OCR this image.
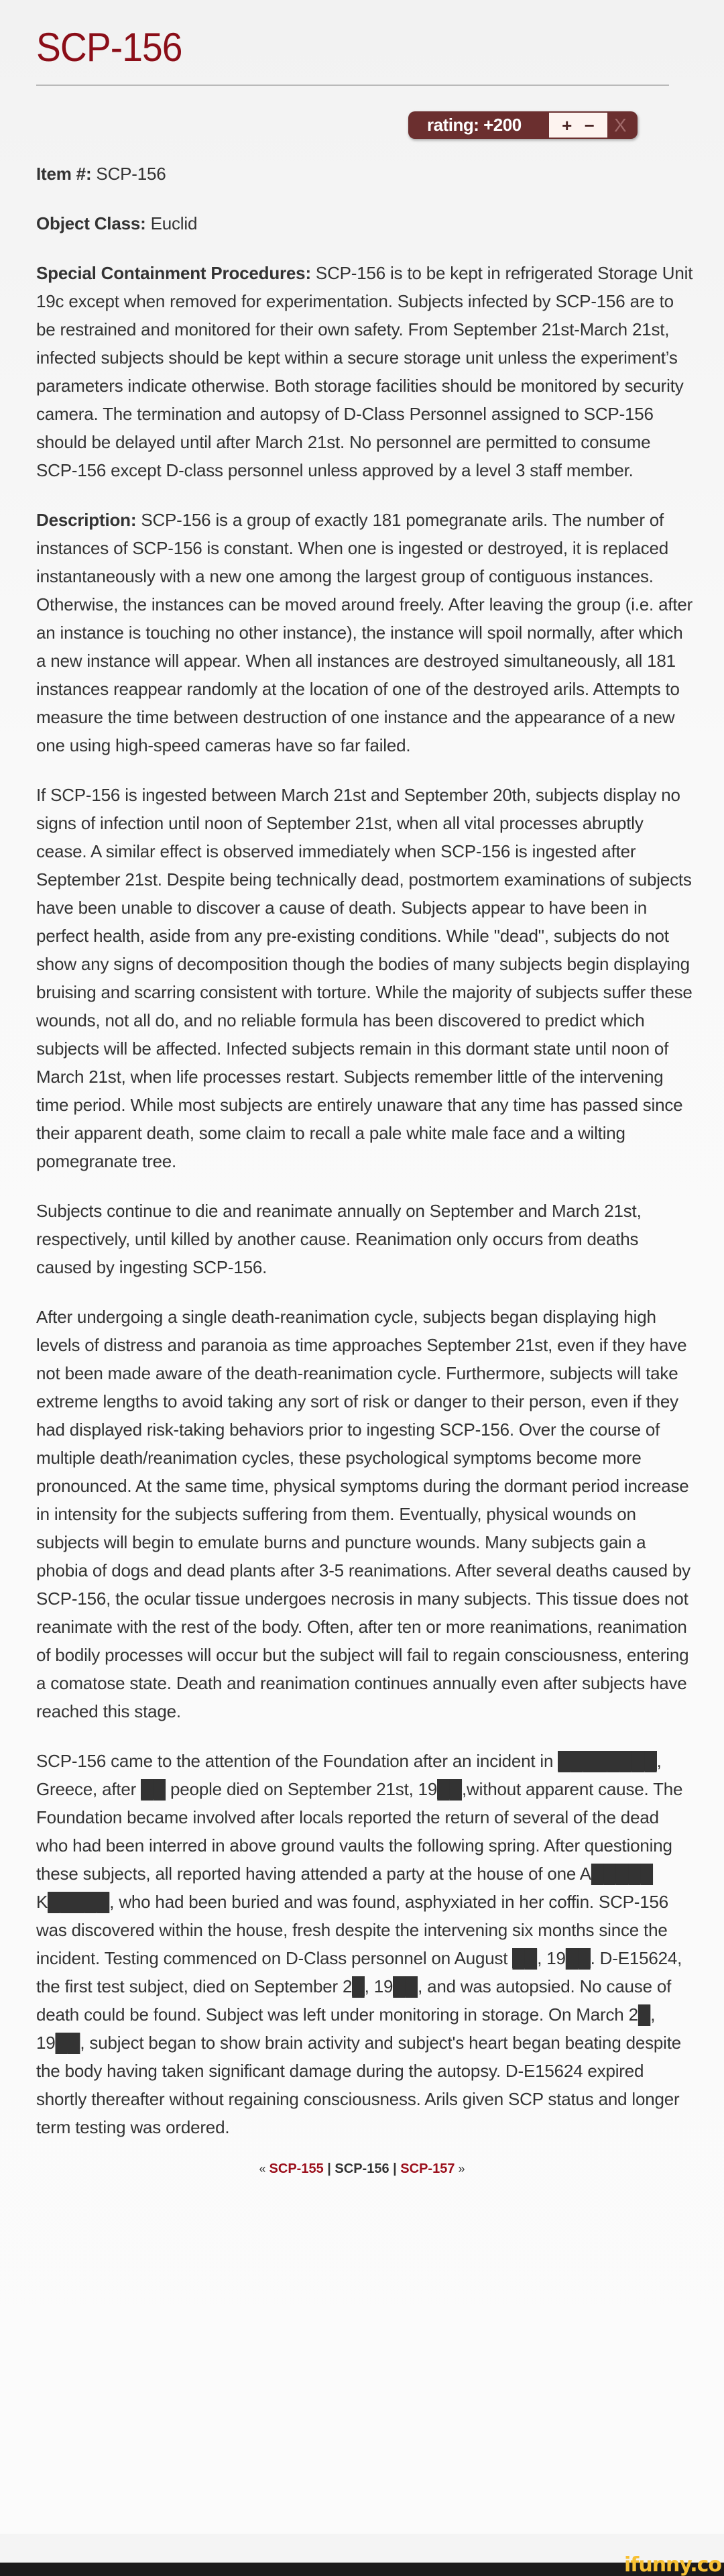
SCP-156
rating: +200	+ −	X

Item #: SCP-156

Object Class: Euclid

Special Containment Procedures: SCP-156 is to be kept in refrigerated Storage Unit 19c except when removed for experimentation. Subjects infected by SCP-156 are to be restrained and monitored for their own safety. From September 21st-March 21st, infected subjects should be kept within a secure storage unit unless the experiment’s parameters indicate otherwise. Both storage facilities should be monitored by security camera. The termination and autopsy of D-Class Personnel assigned to SCP-156 should be delayed until after March 21st. No personnel are permitted to consume SCP-156 except D-class personnel unless approved by a level 3 staff member.

Description: SCP-156 is a group of exactly 181 pomegranate arils. The number of instances of SCP-156 is constant. When one is ingested or destroyed, it is replaced instantaneously with a new one among the largest group of contiguous instances. Otherwise, the instances can be moved around freely. After leaving the group (i.e. after an instance is touching no other instance), the instance will spoil normally, after which a new instance will appear. When all instances are destroyed simultaneously, all 181 instances reappear randomly at the location of one of the destroyed arils. Attempts to measure the time between destruction of one instance and the appearance of a new one using high-speed cameras have so far failed.

If SCP-156 is ingested between March 21st and September 20th, subjects display no signs of infection until noon of September 21st, when all vital processes abruptly cease. A similar effect is observed immediately when SCP-156 is ingested after September 21st. Despite being technically dead, postmortem examinations of subjects have been unable to discover a cause of death. Subjects appear to have been in perfect health, aside from any pre-existing conditions. While "dead", subjects do not show any signs of decomposition though the bodies of many subjects begin displaying bruising and scarring consistent with torture. While the majority of subjects suffer these wounds, not all do, and no reliable formula has been discovered to predict which subjects will be affected. Infected subjects remain in this dormant state until noon of March 21st, when life processes restart. Subjects remember little of the intervening time period. While most subjects are entirely unaware that any time has passed since their apparent death, some claim to recall a pale white male face and a wilting pomegranate tree.

Subjects continue to die and reanimate annually on September and March 21st, respectively, until killed by another cause. Reanimation only occurs from deaths caused by ingesting SCP-156.

After undergoing a single death-reanimation cycle, subjects began displaying high levels of distress and paranoia as time approaches September 21st, even if they have not been made aware of the death-reanimation cycle. Furthermore, subjects will take extreme lengths to avoid taking any sort of risk or danger to their person, even if they had displayed risk-taking behaviors prior to ingesting SCP-156. Over the course of multiple death/reanimation cycles, these psychological symptoms become more pronounced. At the same time, physical symptoms during the dormant period increase in intensity for the subjects suffering from them. Eventually, physical wounds on subjects will begin to emulate burns and puncture wounds. Many subjects gain a phobia of dogs and dead plants after 3-5 reanimations. After several deaths caused by SCP-156, the ocular tissue undergoes necrosis in many subjects. This tissue does not reanimate with the rest of the body. Often, after ten or more reanimations, reanimation of bodily processes will occur but the subject will fail to regain consciousness, entering a comatose state. Death and reanimation continues annually even after subjects have reached this stage.

SCP-156 came to the attention of the Foundation after an incident in ████████, Greece, after ██ people died on September 21st, 19██,without apparent cause. The Foundation became involved after locals reported the return of several of the dead who had been interred in above ground vaults the following spring. After questioning these subjects, all reported having attended a party at the house of one A█████ K█████, who had been buried and was found, asphyxiated in her coffin. SCP-156 was discovered within the house, fresh despite the intervening six months since the incident. Testing commenced on D-Class personnel on August ██, 19██. D-E15624, the first test subject, died on September 2█, 19██, and was autopsied. No cause of death could be found. Subject was left under monitoring in storage. On March 2█, 19██, subject began to show brain activity and subject's heart began beating despite the body having taken significant damage during the autopsy. D-E15624 expired shortly thereafter without regaining consciousness. Arils given SCP status and longer term testing was ordered.

« SCP-155 | SCP-156 | SCP-157 »
ifunny.co
